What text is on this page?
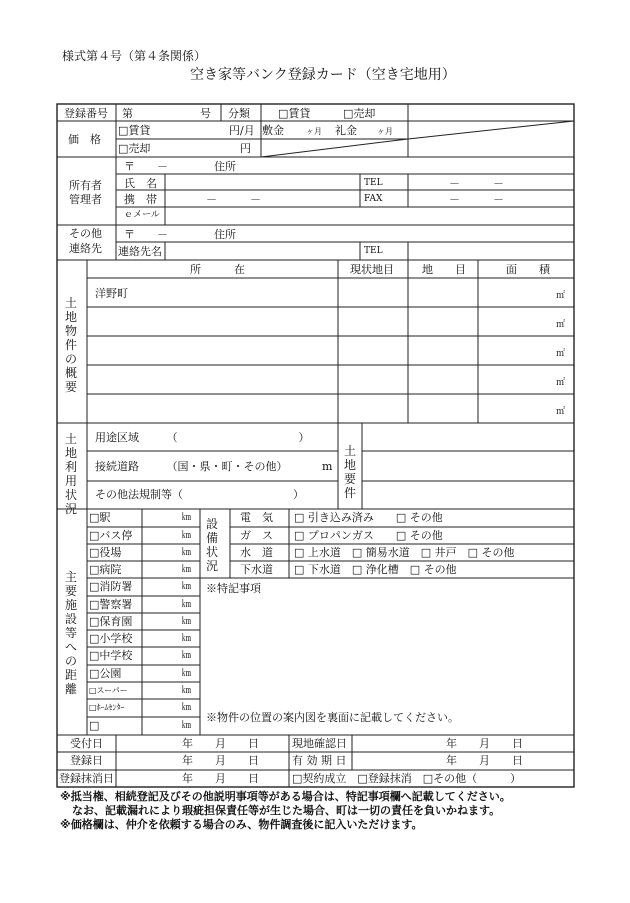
様式第４号（第４条関係）
空き家等バンク登録カード（空き宅地用）
登録番号 第	号 分類	□賃貸	□売却
価　格
□賃貸	円/月 敷金	ヶ月 礼金	ヶ月
□売却	円
所有者
管理者
〒　　－	住所
氏　名	TEL	－　　　－
携　帯	－　　　－	FAX	－　　　－
ｅメール
その他
連絡先
〒　　－	住所
連絡先名	TEL
土地物件の概要
所　　　在	現状地目	地　　目	面　　積
洋野町	㎡
㎡
㎡
㎡
㎡
土地利用状況
用途区域　　　（　　　　　　　　　　　）
接続道路　　　（国・県・町・その他）	m
その他法規制等（　　　　　　　　　　）
土地要件
主要施設等への距離
□駅	㎞
□バス停	㎞
□役場	㎞
□病院	㎞
□消防署	㎞
□警察署	㎞
□保育園	㎞
□小学校	㎞
□中学校	㎞
□公園	㎞
□スーパー	㎞
□ﾎｰﾑｾﾝﾀｰ	㎞
□	㎞
設備状況
電　気 □ 引き込み済み　　□ その他
ガ　ス □ プロパンガス　　□ その他
水　道 □ 上水道　□ 簡易水道　□ 井戸　□ その他
下水道 □ 下水道　□ 浄化槽　□ その他
※特記事項
※物件の位置の案内図を裏面に記載してください。
受付日	年　　月　　日	現地確認日	年　　月　　日
登録日	年　　月　　日	有 効 期 日	年　　月　　日
登録抹消日	年　　月　　日	□契約成立　□登録抹消　□その他（　　　）
※抵当権、相続登記及びその他説明事項等がある場合は、特記事項欄へ記載してください。
なお、記載漏れにより瑕疵担保責任等が生じた場合、町は一切の責任を負いかねます。
※価格欄は、仲介を依頼する場合のみ、物件調査後に記入いただけます。
